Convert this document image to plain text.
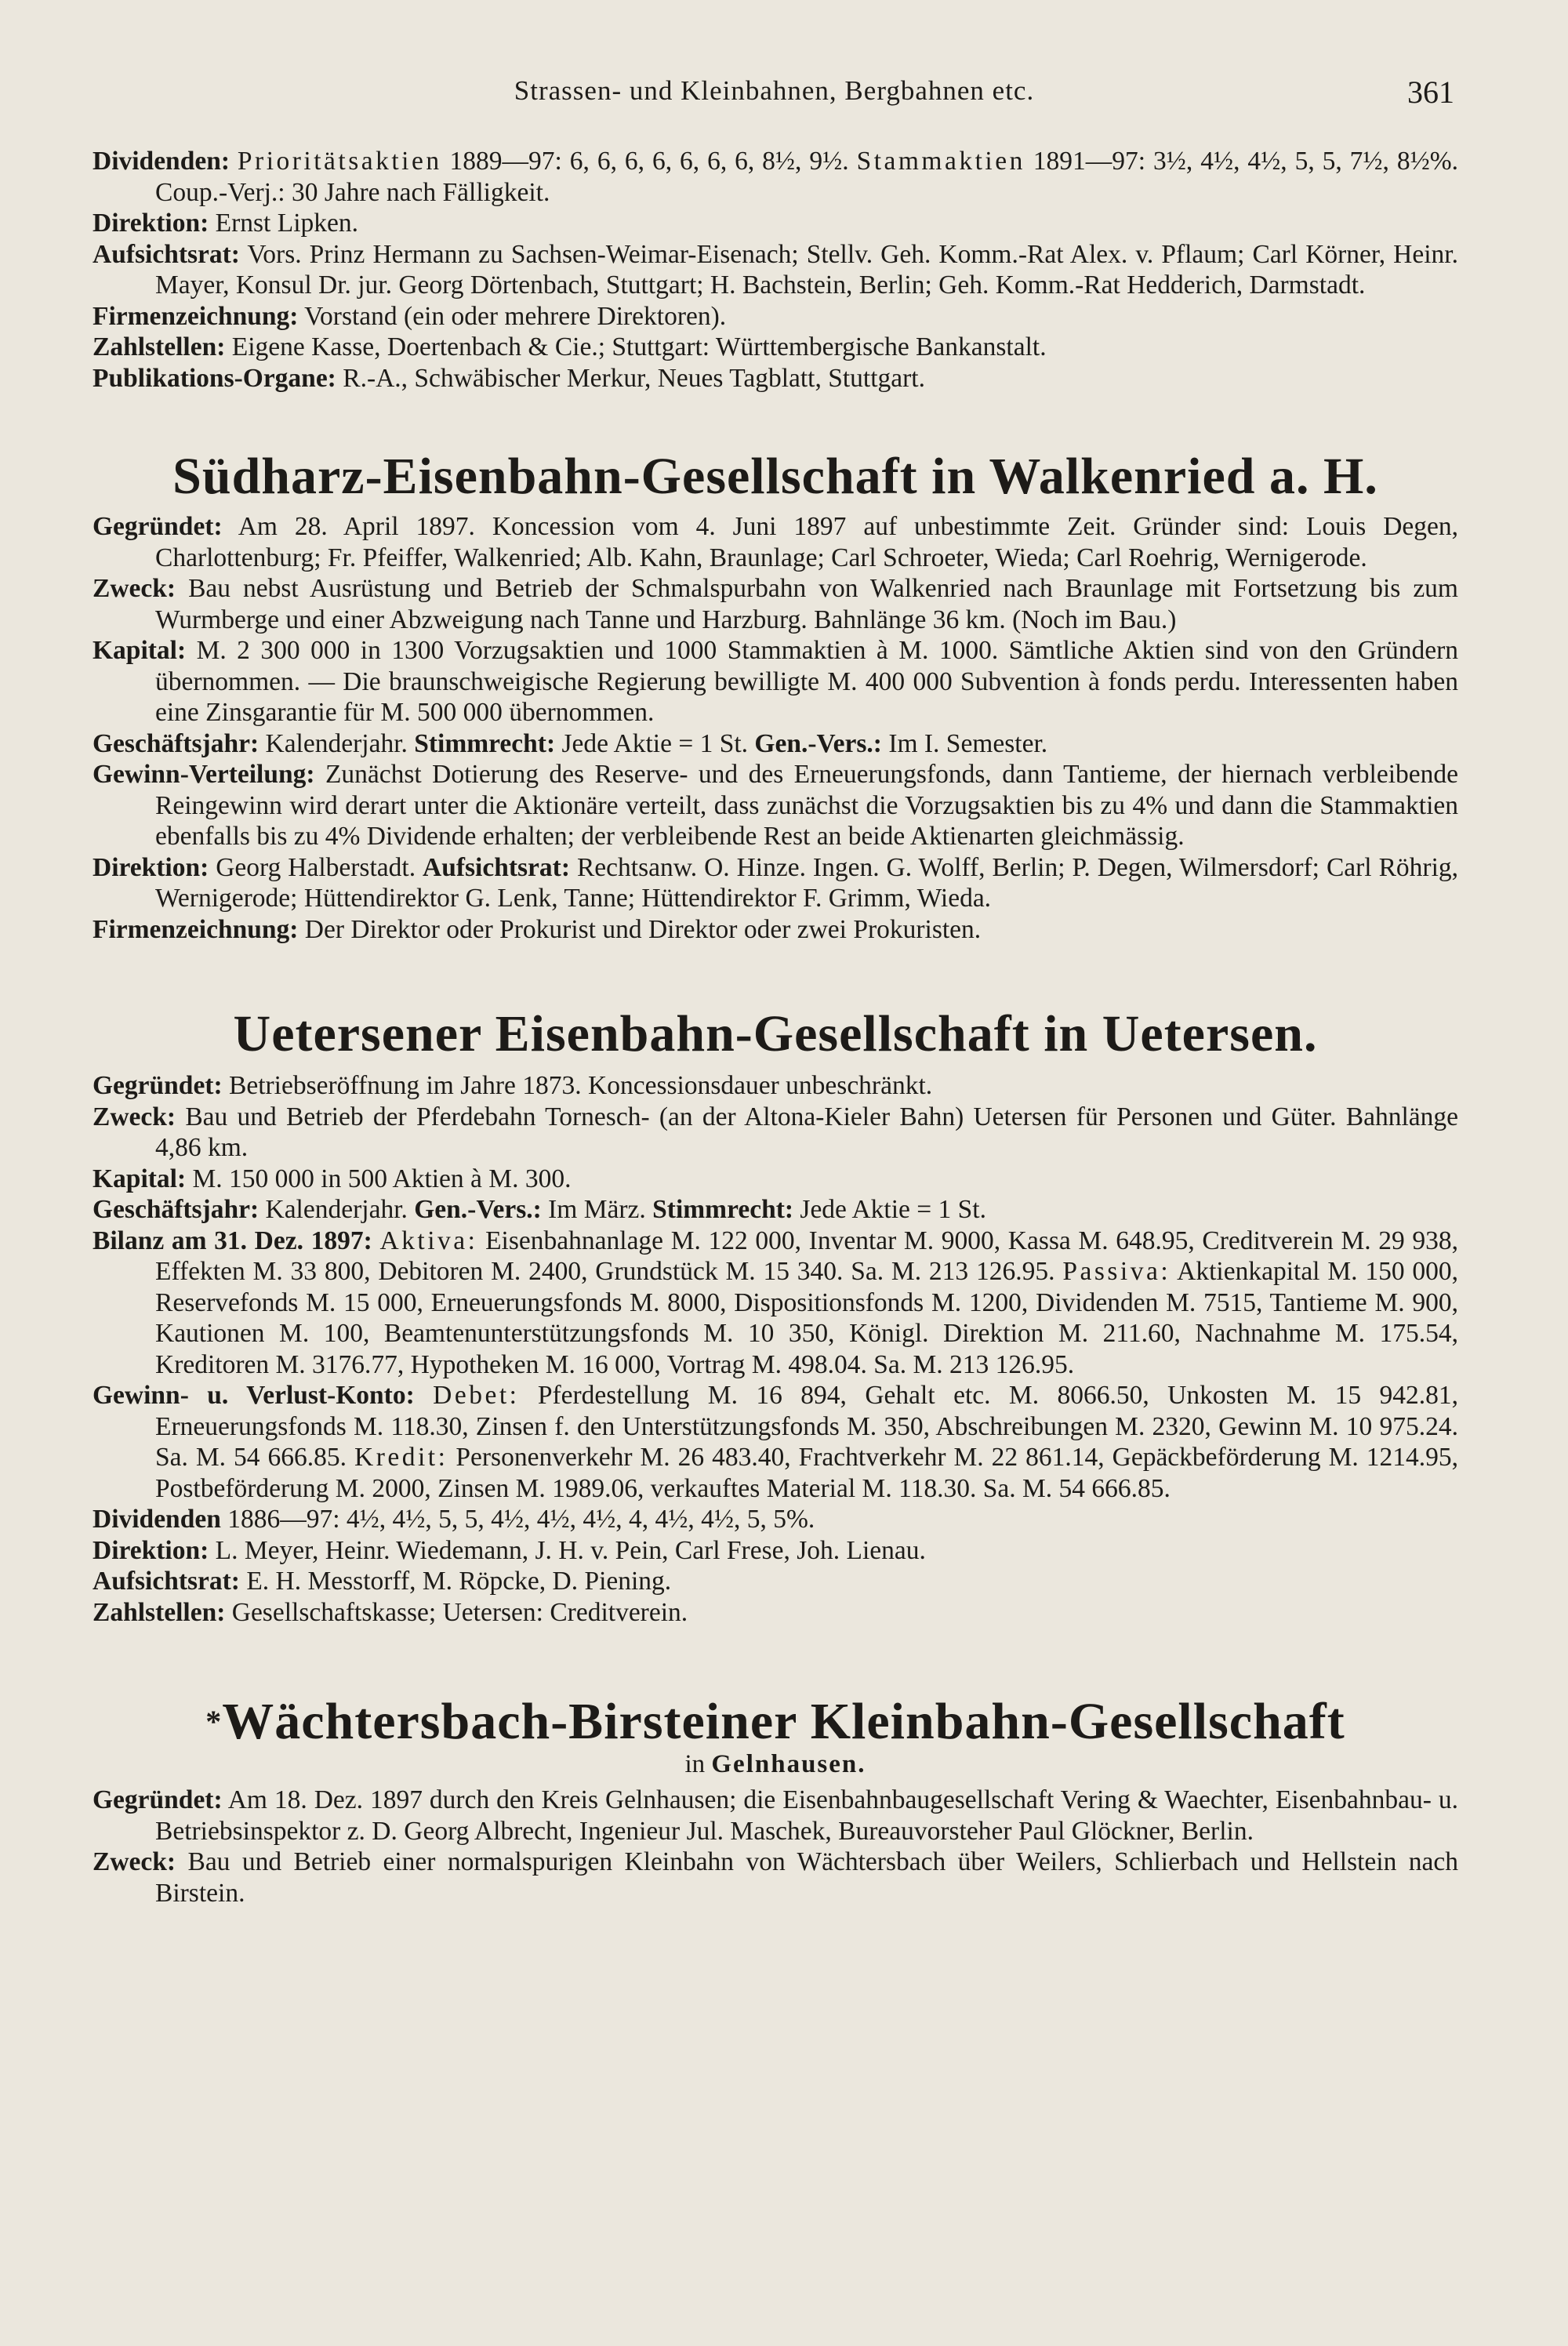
Strassen- und Kleinbahnen, Bergbahnen etc.	361
Dividenden: Prioritätsaktien 1889—97: 6, 6, 6, 6, 6, 6, 6, 8½, 9½. Stammaktien 1891—97: 3½, 4½, 4½, 5, 5, 7½, 8½%. Coup.-Verj.: 30 Jahre nach Fälligkeit.
Direktion: Ernst Lipken.
Aufsichtsrat: Vors. Prinz Hermann zu Sachsen-Weimar-Eisenach; Stellv. Geh. Komm.-Rat Alex. v. Pflaum; Carl Körner, Heinr. Mayer, Konsul Dr. jur. Georg Dörtenbach, Stuttgart; H. Bachstein, Berlin; Geh. Komm.-Rat Hedderich, Darmstadt.
Firmenzeichnung: Vorstand (ein oder mehrere Direktoren).
Zahlstellen: Eigene Kasse, Doertenbach & Cie.; Stuttgart: Württembergische Bankanstalt.
Publikations-Organe: R.-A., Schwäbischer Merkur, Neues Tagblatt, Stuttgart.
Südharz-Eisenbahn-Gesellschaft in Walkenried a. H.
Gegründet: Am 28. April 1897. Koncession vom 4. Juni 1897 auf unbestimmte Zeit. Gründer sind: Louis Degen, Charlottenburg; Fr. Pfeiffer, Walkenried; Alb. Kahn, Braunlage; Carl Schroeter, Wieda; Carl Roehrig, Wernigerode.
Zweck: Bau nebst Ausrüstung und Betrieb der Schmalspurbahn von Walkenried nach Braunlage mit Fortsetzung bis zum Wurmberge und einer Abzweigung nach Tanne und Harzburg. Bahnlänge 36 km. (Noch im Bau.)
Kapital: M. 2 300 000 in 1300 Vorzugsaktien und 1000 Stammaktien à M. 1000. Sämtliche Aktien sind von den Gründern übernommen. — Die braunschweigische Regierung bewilligte M. 400 000 Subvention à fonds perdu. Interessenten haben eine Zinsgarantie für M. 500 000 übernommen.
Geschäftsjahr: Kalenderjahr. Stimmrecht: Jede Aktie = 1 St. Gen.-Vers.: Im I. Semester.
Gewinn-Verteilung: Zunächst Dotierung des Reserve- und des Erneuerungsfonds, dann Tantieme, der hiernach verbleibende Reingewinn wird derart unter die Aktionäre verteilt, dass zunächst die Vorzugsaktien bis zu 4% und dann die Stammaktien ebenfalls bis zu 4% Dividende erhalten; der verbleibende Rest an beide Aktienarten gleichmässig.
Direktion: Georg Halberstadt. Aufsichtsrat: Rechtsanw. O. Hinze. Ingen. G. Wolff, Berlin; P. Degen, Wilmersdorf; Carl Röhrig, Wernigerode; Hüttendirektor G. Lenk, Tanne; Hüttendirektor F. Grimm, Wieda.
Firmenzeichnung: Der Direktor oder Prokurist und Direktor oder zwei Prokuristen.
Uetersener Eisenbahn-Gesellschaft in Uetersen.
Gegründet: Betriebseröffnung im Jahre 1873. Koncessionsdauer unbeschränkt.
Zweck: Bau und Betrieb der Pferdebahn Tornesch- (an der Altona-Kieler Bahn) Uetersen für Personen und Güter. Bahnlänge 4,86 km.
Kapital: M. 150 000 in 500 Aktien à M. 300.
Geschäftsjahr: Kalenderjahr. Gen.-Vers.: Im März. Stimmrecht: Jede Aktie = 1 St.
Bilanz am 31. Dez. 1897: Aktiva: Eisenbahnanlage M. 122 000, Inventar M. 9000, Kassa M. 648.95, Creditverein M. 29 938, Effekten M. 33 800, Debitoren M. 2400, Grundstück M. 15 340. Sa. M. 213 126.95. Passiva: Aktienkapital M. 150 000, Reservefonds M. 15 000, Erneuerungsfonds M. 8000, Dispositionsfonds M. 1200, Dividenden M. 7515, Tantieme M. 900, Kautionen M. 100, Beamtenunterstützungsfonds M. 10 350, Königl. Direktion M. 211.60, Nachnahme M. 175.54, Kreditoren M. 3176.77, Hypotheken M. 16 000, Vortrag M. 498.04. Sa. M. 213 126.95.
Gewinn- u. Verlust-Konto: Debet: Pferdestellung M. 16 894, Gehalt etc. M. 8066.50, Unkosten M. 15 942.81, Erneuerungsfonds M. 118.30, Zinsen f. den Unterstützungsfonds M. 350, Abschreibungen M. 2320, Gewinn M. 10 975.24. Sa. M. 54 666.85. Kredit: Personenverkehr M. 26 483.40, Frachtverkehr M. 22 861.14, Gepäckbeförderung M. 1214.95, Postbeförderung M. 2000, Zinsen M. 1989.06, verkauftes Material M. 118.30. Sa. M. 54 666.85.
Dividenden 1886—97: 4½, 4½, 5, 5, 4½, 4½, 4½, 4, 4½, 4½, 5, 5%.
Direktion: L. Meyer, Heinr. Wiedemann, J. H. v. Pein, Carl Frese, Joh. Lienau.
Aufsichtsrat: E. H. Messtorff, M. Röpcke, D. Piening.
Zahlstellen: Gesellschaftskasse; Uetersen: Creditverein.
*Wächtersbach-Birsteiner Kleinbahn-Gesellschaft
in Gelnhausen.
Gegründet: Am 18. Dez. 1897 durch den Kreis Gelnhausen; die Eisenbahnbaugesellschaft Vering & Waechter, Eisenbahnbau- u. Betriebsinspektor z. D. Georg Albrecht, Ingenieur Jul. Maschek, Bureauvorsteher Paul Glöckner, Berlin.
Zweck: Bau und Betrieb einer normalspurigen Kleinbahn von Wächtersbach über Weilers, Schlierbach und Hellstein nach Birstein.
